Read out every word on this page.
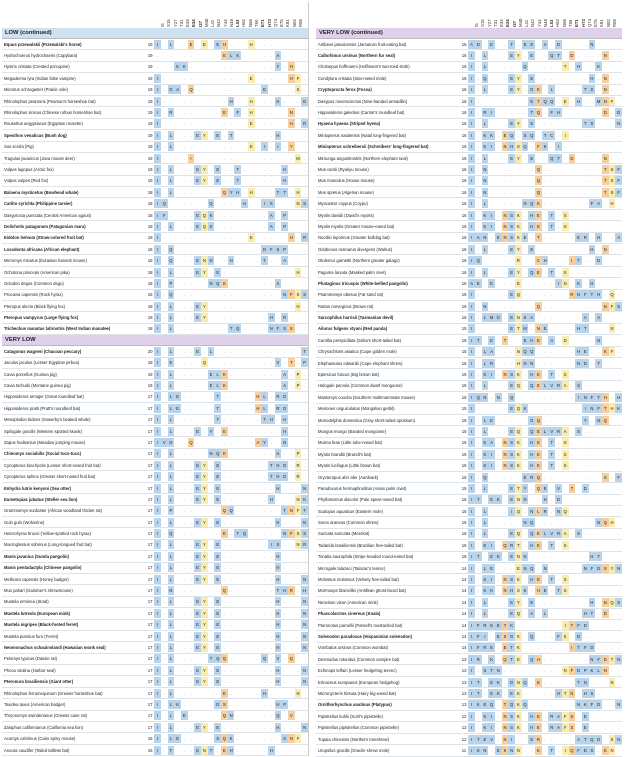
I5 S15 Y27 T31 E33 E34 I37 M40 L41 N42 Y44 N48 L53 H62 N66 T69 E71 H73 Q74 E76 K81 N82 R85
LOW (continued)
Equus przewalskii (Przewalski's horse)	19	I	.	L	.	.	E	.	E	.	E H	.	.	.	H	.	.	.	.	.	.	.	.
Hydrochoerus hydrochaeris (Capybara)	19	.	.	.	.	.	.	.	.	.	.	E L K	.	.	.	.	.	A	.	.	.	.
Hystrix cristata (Crested porcupine)	19	.	.	.	E K	.	.	.	.	.	.	.	.	.	.	.	.	.	Y	.	H	.	.
Megaderma lyra (Indian false vampire)	19	I	.	.	.	.	.	.	.	.	.	.	.	.	.	E	.	.	.	.	.	H F	.
Microtus ochrogaster (Prairie vole)	19	I	.	D A	.	Q	.	.	.	.	.	.	.	.	.	.	E	.	.	.	.	S	.
Rhinolophus pearsonii (Pearson's horseshoe bat)	19	I	.	.	.	.	.	.	.	.	.	.	H	.	.	H	.	.	.	H	.	.	.	D
Rhinolophus sinicus (Chinese rufous horseshoe bat)	19	I	.	R	.	.	.	.	.	.	.	E	.	F	.	H	.	.	.	.	.	N	.	.
Rousettus aegyptiacus (Egyptian rousette)	19	I	.	.	.	.	.	.	.	.	.	.	.	.	.	E	.	.	.	.	.	H	.	R
Speothos venaticus (Bush dog)	19	I	.	L	.	.	.	E Y	.	E	.	T	.	.	.	.	.	.	H	.	.	.	.
Sus scrofa (Pig)	19	I	.	L	.	.	.	.	.	.	.	.	.	.	.	E	.	I	.	I	.	Y	.	.
Tragulus javanicus (Java mouse deer)	19	I	.	.	.	.	I	.	.	.	.	.	.	.	.	.	.	.	.	.	.	.	M	.
Vulpes lagopus (Arctic fox)	19	I	.	L	.	.	.	E Y	.	E	.	.	T	.	.	.	.	.	.	H	.	.	.
Vulpes vulpes (Red fox)	19	I	.	L	.	.	.	E Y	.	E	.	.	T	.	.	.	.	.	.	H	.	.	.
Balaena mysticetus (Bowhead whale)	18	I	.	L	.	.	.	.	.	.	.	Q Y H	.	H	.	.	.	T T	.	H	.
Carlito syrichta (Philippine tarsier)	18	I	Q	.	.	.	.	.	.	Q	.	.	.	.	H	.	.	I	S	.	.	.	N S
Dasyprocta punctata (Central American agouti)	18	I	F	.	.	.	.	E Q K	.	.	.	.	.	.	.	.	A	.	P	.	.	.
Dolichotis patagonum (Patagonian mara)	18	I	.	L	.	.	.	E Q K	.	.	.	.	.	.	.	.	A	.	P	.	.	.
Eidolon helvum (Straw-colored fruit bat)	18	I	.	.	.	.	.	.	.	.	.	.	.	.	.	E	.	.	.	.	.	H	.	R
Loxodonta africana (African elephant)	18	I	.	Q	.	.	.	.	.	.	.	.	.	.	.	.	.	D F S P	.	.	.
Micromys minutus (Eurasian harvest mouse)	18	I	.	Q	.	.	.	E N N	.	.	H	.	.	.	.	T	.	.	A	.	.	.
Ochotona princeps (American pika)	18	I	.	L	.	.	.	E Y	.	E	.	.	.	.	.	.	.	.	.	.	.	H	.
Octodon degus (Common degu)	18	I	.	P	.	.	.	.	.	N Q K	.	.	.	.	.	.	.	A	.	.	.	.
Procavia capensis (Rock hyrax)	18	I	.	Q	.	.	.	.	.	.	.	.	.	.	.	.	.	.	.	.	N F S S
Pteropus alecto (Black flying fox)	18	I	.	L	.	.	.	E Y	.	.	.	.	.	.	.	.	.	.	.	.	.	H	.
Pteropus vampyrus (Large flying fox)	18	I	.	L	.	.	.	E Y	.	.	.	.	.	.	.	.	.	H	.	R	.	.	.
Trichechus manatus latirostris (West Indian manatee)	18	I	.	L	.	.	.	.	.	.	.	.	T Q	.	.	.	.	N F S S	.	.
VERY LOW
Catagonus wagneri (Chacoan peccary)	20	I	.	L	.	.	.	E	.	L	.	.	.	.	.	.	.	.	.	.	.	.	.	T
Jaculus jaculus (Lesser Egyptian jerboa)	18	I	.	K	.	.	.	.	Q	.	.	.	.	.	.	.	.	.	.	V	.	T	.	P
Cavia porcellus (Guinea pig)	19	I	.	L	.	.	.	.	.	E L K	.	.	.	.	.	.	.	.	A	.	P	.
Cavia tschudii (Montane guinea pig)	19	I	.	L	.	.	.	.	.	E L K	.	.	.	.	.	.	.	.	A	.	P	.
Hipposideros armiger (Great roundleaf bat)	17	I	.	L E	.	.	.	.	.	T	.	.	.	.	.	H L	.	R D	.	.	.
Hipposideros pratti (Pratt's roundleaf bat)	17	I	.	L E	.	.	.	.	.	T	.	.	.	.	.	H L	.	R D	.	.	.
Mesoplodon bidens (Sowerby's beaked whale)	17	I	.	L	.	.	.	.	.	.	T	.	.	.	.	.	.	T H	.	H	.	.	.
Spilogale gracilis (Western spotted skunk)	17	I	.	L	.	.	.	E	.	Y	.	E	.	.	.	.	.	.	.	.	H	.	.	.
Zapus hudsonius (Meadow jumping mouse)	17	I	V D	.	.	Q	.	.	.	.	.	.	.	.	.	A Y	.	.	N	.	.	.
Chinomys sociabilis (Social tuco-tuco)	17	I	.	L	.	.	.	.	.	N Q K	.	.	.	.	.	.	.	A	.	.	P	.
Cynopterus brachyotis (Lesser short-nosed fruit bat)	17	I	.	L	.	.	.	E Y	.	E	.	.	.	.	.	.	.	T H D	.	R	.
Cynopterus sphinx (Greater short-nosed fruit bat)	17	I	.	L	.	.	.	E Y	.	E	.	.	.	.	.	.	.	T H D	.	R	.
Enhydra lutris kenyoni (Sea otter)	17	I	.	L	.	.	.	E Y	.	E	.	.	.	.	.	.	.	.	H	.	.	.	N
Eumetopias jubatus (Steller sea lion)	17	I	.	L	.	.	.	E Y	.	E	.	.	.	.	.	.	.	H	.	.	.	N K
Grammomys surdaster (African woodland thicket rat)	17	I	.	P	.	.	.	.	.	.	.	Q Q	.	.	.	.	.	.	.	T N F T
Gulo gulo (Wolverine)	17	I	.	L	.	.	.	E Y	.	E	.	.	.	.	.	.	.	.	H	.	.	.	N
Heterohyrax brucei (Yellow-spotted rock hyrax)	17	I	.	Q	.	.	.	.	.	.	.	E	.	T Q	.	.	.	.	.	N F S S
Macroglossus sobrinus (Long-tongued fruit bat)	17	I	.	L	.	.	.	E Y	.	E	.	.	.	.	.	.	.	I	S	.	.	N R
Manis javanica (Sunda pangolin)	17	I	.	L	.	.	.	E Y	.	E	.	.	.	.	.	.	.	.	H	.	.	.	.
Manis pentadactyla (Chinese pangolin)	17	I	.	L	.	.	.	E Y	.	E	.	.	.	.	.	.	.	.	H	.	.	.	.
Mellivora capensis (Honey badger)	17	I	.	L	.	.	.	E Y	.	E	.	.	.	.	.	.	.	.	H	.	.	.	N
Mus pahari (Gairdner's shrewmouse)	17	I	.	N	.	.	.	.	.	.	.	Q	.	.	.	.	.	.	.	T H R	.	H
Mustela erminea (Stoat)	17	I	.	L	.	.	.	E Y	.	E	.	.	.	.	.	.	.	.	H	.	.	.	N
Mustela lutreola (European mink)	17	I	.	L	.	.	.	E Y	.	E	.	.	.	.	.	.	.	.	H	.	.	.	N
Mustela nigripes (Black-footed ferret)	17	I	.	L	.	.	.	E Y	.	E	.	.	.	.	.	.	.	.	H	.	.	.	N
Mustela putorius furo (Ferret)	17	I	.	L	.	.	.	E Y	.	E	.	.	.	.	.	.	.	.	H	.	.	.	N
Neomonachus schauinslandi (Hawaiian monk seal)	17	I	.	L	.	.	.	E Y	.	E	.	.	.	.	.	.	.	.	H	.	.	.	N
Pelomys typicus (Dassie rat)	17	I	.	L	.	.	.	.	.	T Q Q	.	.	.	.	.	Q	.	V	.	Q	.	.
Phoca vitulina (Harbor seal)	17	I	.	L	.	.	.	E Y	.	E	.	.	.	.	.	.	.	.	H	.	.	.	N
Pteronura brasiliensis (Giant otter)	17	I	.	L	.	.	.	E Y	.	E	.	.	.	.	.	.	.	.	H	.	.	.	N
Rhinolophus ferrumequinum (Greater horseshoe bat)	17	I	.	L	.	.	.	.	.	.	.	E	.	.	.	.	.	H	.	.	.	.	N	.
Taxidea taxus (American badger)	17	I	.	L K	.	.	.	.	.	D S	.	.	.	.	.	.	.	H P	.	.	.
Thryonomys swinderianus (Greater cane rat)	17	I	.	L	.	E	.	.	.	.	.	Q N	.	.	.	.	.	.	Q	.	V	.	.
Zalophus californianus (California sea lion)	17	I	.	L	.	.	.	E Y	.	E	.	.	.	.	.	.	.	.	H	.	.	.	N
Acomys cahirinus (Cairo spiny mouse)	16	I	.	L E	.	.	.	.	.	S Q K	.	.	.	.	.	.	.	S N F	.
Anoura caudifer (Tailed tailless bat)	16	I	.	T	.	.	.	E N T	.	E H	.	.	.	.	.	H	.	.	.	.	.
I5 S15 Y27 T31 E33 E34 I37 M40 L41 N42 Y44 N48 L53 H62 N66 T69 E71 H73 Q74 E76 K81 N82 R85
VERY LOW (continued)
Artibeus jamaicensis (Jamaican fruit-eating bat)	16 A D	.	E	.	.	T	.	E E	.	A	.	D	.	.	.	.	N	.	.	.	.
Callorhinus ursinus (Northern fur seal)	16	I	.	L	.	.	.	E Y	.	E	.	.	Q T	.	D	.	.	.	.	N	.	.
Choloepus hoffmanni (Hoffmann's two-toed sloth)	16	I	.	L	.	.	.	.	.	Q	.	.	.	.	.	T	.	H	.	.	K	.	.	.
Condylura cristata (Star-nosed mole)	16	I	.	Q	.	.	.	E Y	.	E	.	.	.	.	.	.	.	.	H	.	N	.	.
Cryptoprocta ferox (Fossa)	16	I	.	L	.	.	.	E Y	.	G E	.	L	.	.	.	.	T S	.	N	.	.
Dasypus novemcinctus (Nine-banded armadillo)	16	I	.	.	.	.	.	.	.	.	E T Q Q	.	E	.	H	.	.	M N F	.
Hipposideros galeritus (Cantor's roundleaf bat)	16	I	.	R	I	.	.	.	.	.	T Q	.	F H	.	.	.	.	.	.	D	.	D
Hyaena hyaena (Striped hyena)	16	I	.	L	.	.	.	E Y	.	E	.	.	.	.	.	.	.	T S	.	.	.	N
Miniopterus natalensis (Natal long-fingered bat)	16	I	.	K K	.	E Q	.	S Q	.	T C	.	I	.	.	.	.	.	.	.	.
Miniopterus schreibersii (Schreibers' long-fingered bat)	16	I	.	K	I	.	N H S Q	.	F K	.	I	.	.	.	.	.	.	.	.	.
Mirounga angustirostris (Northern elephant seal)	16	I	.	L	.	.	.	E Y	.	E	.	.	Q T	.	D	.	.	.	.	N	.	.
Mus caroli (Ryukyu mouse)	16	I	.	N	.	.	.	.	.	.	.	Q	.	.	.	.	.	.	.	.	.	T S F
Mus musculus (House mouse)	16	I	.	N	.	.	.	.	.	.	.	Q	.	.	.	.	.	.	.	.	.	T S F
Mus spretus (Algerian mouse)	16	I	.	N	.	.	.	.	.	.	.	Q	.	.	.	.	.	.	.	.	.	T S F
Myocastor coypus (Coypu)	16	I	.	L	.	.	.	.	.	N Q K	.	.	.	.	.	.	.	F A	.	H	.
Myotis davidii (David's myotis)	16	I	.	K	I	.	N S K	.	H E	.	T	.	S	.	.	.	.	.	.	.	.
Myotis myotis (Greater mouse-eared bat)	16	I	.	K	I	.	N S K	.	H E	.	T	.	S	.	.	.	.	.	.	.	.
Noctilio leporinus (Greater bulldog bat)	16	I	A N	.	E N S K E	.	T	.	.	.	.	.	E R	.	H	.	.	A
Odobenus rosmarus divergens (Walrus)	16	I	.	L	.	.	.	E Y	.	E	.	.	.	.	.	.	.	.	H	.	N	.	.
Otolemur garnettii (Northern greater galago)	16	I	Q	.	.	.	.	.	R	.	.	C H	.	.	.	I	T	.	.	D	.	.	.
Paguma larvata (Masked palm civet)	16	I	.	L	.	.	.	E Y	.	Q E	.	T	.	S	.	.	.	.	.	.	.	.
Phataginus tricuspis (White-bellied pangolin)	16 A E	.	E	.	.	.	E	.	.	.	.	.	I	N	.	K	.	H	.	.	.	.
Psammomys obesus (Fat sand rat)	16	I	.	.	.	.	.	E Q	.	.	.	.	.	.	.	R N F T H	.	Q	.
Rattus norvegicus (Brown rat)	16	I	.	N	.	.	.	.	.	.	.	Q	.	.	.	.	.	.	.	.	.	N F S
Sarcophilus harrisii (Tasmanian devil)	16	I	.	L M G	.	E N K A	.	.	.	.	.	.	.	A	.	A	.	.	.
Ailurus fulgens styani (Red panda)	15	I	.	.	.	.	.	E T M	.	N E	.	.	.	.	H T	.	.	.	N	.
Carollia perspicillata (Seba's short-tailed bat)	15	I	T	.	E	.	T	.	.	E H E	.	A	.	D	.	.	.	.	N	.	.	.
Chrysochloris asiatica (Cape golden mole)	15	I	.	L A	.	.	.	N Q Q	.	.	.	.	.	.	H E	.	.	K F	.
Elephantulus edwardii (Cape elephant shrew)	15	I	.	L R	.	.	.	H N N	.	.	.	.	.	.	N D	.	T	.	.	.
Eptesicus fuscus (Big brown bat)	15	I	.	K	I	.	N S K	.	H E	.	T	.	S	.	.	.	.	.	.	.	.
Halogale parvula (Common dwarf mongoose)	15	I	.	L	.	.	.	E Q	.	Q E L V R A	.	S	.	.	.	.	.	.
Mastomys coucha (Southern multimammate mouse)	15	I	Q N	.	N	.	Q	.	.	.	.	.	.	.	.	.	I	N F T H	.	H
Meriones unguiculatus (Mongolian gerbil)	15	I	.	.	.	.	.	E Q K	.	.	.	.	.	.	.	.	I	N F T H K
Monodelphis domestica (Gray short-tailed opossum)	15	I	.	L E	.	.	.	.	.	G Q	.	.	.	.	.	.	Y	.	N Q	.	.
Mungos mungo (Banded mongoose)	15	I	.	L	.	.	.	E Q	.	Q E L V R A	.	S	.	.	.	.	.	.
Murina feae (Little tube-nosed bat)	15	I	.	K A	.	N S K	.	H E	.	T	.	S	.	.	.	.	.	.	.	.
Myotis brandtii (Brandt's bat)	15	I	.	K	I	.	N S K	.	H E	.	T	.	S	.	.	.	.	.	.	.	.
Myotis lucifugus (Little brown bat)	15	I	.	K	I	.	N S K	.	H E	.	T	.	S	.	.	.	.	.	.	.	.
Orycteropus afer afer (Aardvark)	15	I	.	Q	.	.	.	.	.	E R Q	.	.	.	.	.	.	.	.	.	S	.	F
Paradoxurus hermaphroditus (Asian palm civet)	15	I	.	L	.	.	.	E T Y	.	Q E	.	V	.	T	.	D	.	.	.	.	.
Phyllostomus discolor (Pale spear-nosed bat)	15	I	T	.	E K	.	E N N	.	.	H	.	D	.	.	.	.	.	.	.	.	.
Scalopus aquaticus (Eastern mole)	15	I	.	L	.	.	.	I	Q	.	N L R	.	N Q	.	.	.	.	.	.	.	.
Sorex araneus (Common shrew)	15	I	.	L	.	.	.	.	.	N Q	.	.	.	.	.	.	.	.	.	N Q H	.
Suricata suricatta (Meerkat)	15	I	.	L	.	.	.	E Q	.	Q E L V R A	.	S	.	.	.	.	.	.
Tadarida brasiliensis (Brazilian free-tailed bat)	15	I	.	E	I	.	Q R T	.	H E	.	T	.	S	.	.	.	.	.	.	.	.
Tonatia saurophila (Stripe-headed round-eared bat)	15	I	T	.	E K	.	E N N	.	.	.	.	.	.	.	.	.	H T	.	.	.
Microgale talazaci (Talazac's tenrec)	14	I	.	L E	.	.	.	E N Q	.	N	.	.	.	.	.	N F D S Y N
Molossus molossus (Velvety free-tailed bat)	14	I	.	K	I	.	N S K	.	H E	.	T	.	S	.	.	.	.	.	.	.	.
Mormoops blainvillei (Antillean ghost-faced bat)	14	I	.	K K	.	N H S K	.	H E	.	T S	.	.	.	.	.	.	.	.
Neovison vison (American mink)	14	I	.	L	.	.	.	E Y	.	E	.	.	.	.	.	.	.	.	H	.	N Q S
Phascolarctos cinereus (Koala)	14	I	.	L	.	.	.	E Q	.	A	.	L	.	.	.	.	.	H T	.	D	.	.
Pteronotus parnellii (Parnell's mustached bat)	14	I	F R E E T K	.	.	.	.	.	.	.	I	T F D	.	.	.	.	.
Solenodon paradoxus (Hispaniolan solenodon)	14	I	F	I	.	E S G K	.	Q	.	.	.	F K	.	D	.	.	.	.	.	.
Vombatus ursinus (Common wombat)	14	I	F R E	.	E T K	.	.	.	.	.	.	.	I	T F D	.	.	.	.
Desmodus rotundus (Common vampire bat)	13	I	R	.	K	.	Q T E	.	Q H	.	.	.	.	.	.	.	N F D T N
Echinops telfairi (Lesser hedgehog tenrec)	13	I	.	S T N	.	.	.	.	.	.	.	.	.	N F D P K L N	.	.
Erinaceus europaeus (European hedgehog)	13	I	T	.	E K	.	D N Q	.	E	.	.	.	.	.	T N	.	.	.	N	.
Micronycteris hirsuta (Hairy big-eared bat)	13	I	T	.	E K	.	E K	.	.	.	.	.	H T N	.	H S	.	.	.	.
Ornithorhynchus anatinus (Platypus)	13	I	K E Q	.	T Q K Q	.	.	.	.	.	.	.	N K F D	.	.	N
Pipistrellus kuhlii (Kuhl's pipistrelle)	12	I	.	K	I	.	N S K	.	H E	.	R A F S	.	E	.	.	.	.	.
Pipistrellus pipistrellus (Common pipistrelle)	12	I	.	K	I	.	N S K	.	H E	.	R A F S	.	E	.	.	.	.	.
Tupaia chinensis (Northern treeshrew)	12	I	T E V	.	N	I	.	.	E R	.	.	.	.	.	A T Q D	.	K N
Uropsilus gracilis (Gracile shrew mole)	11	I	K N	.	E K N N	.	.	K	.	T	.	I	Q F D S	.	K N	.
